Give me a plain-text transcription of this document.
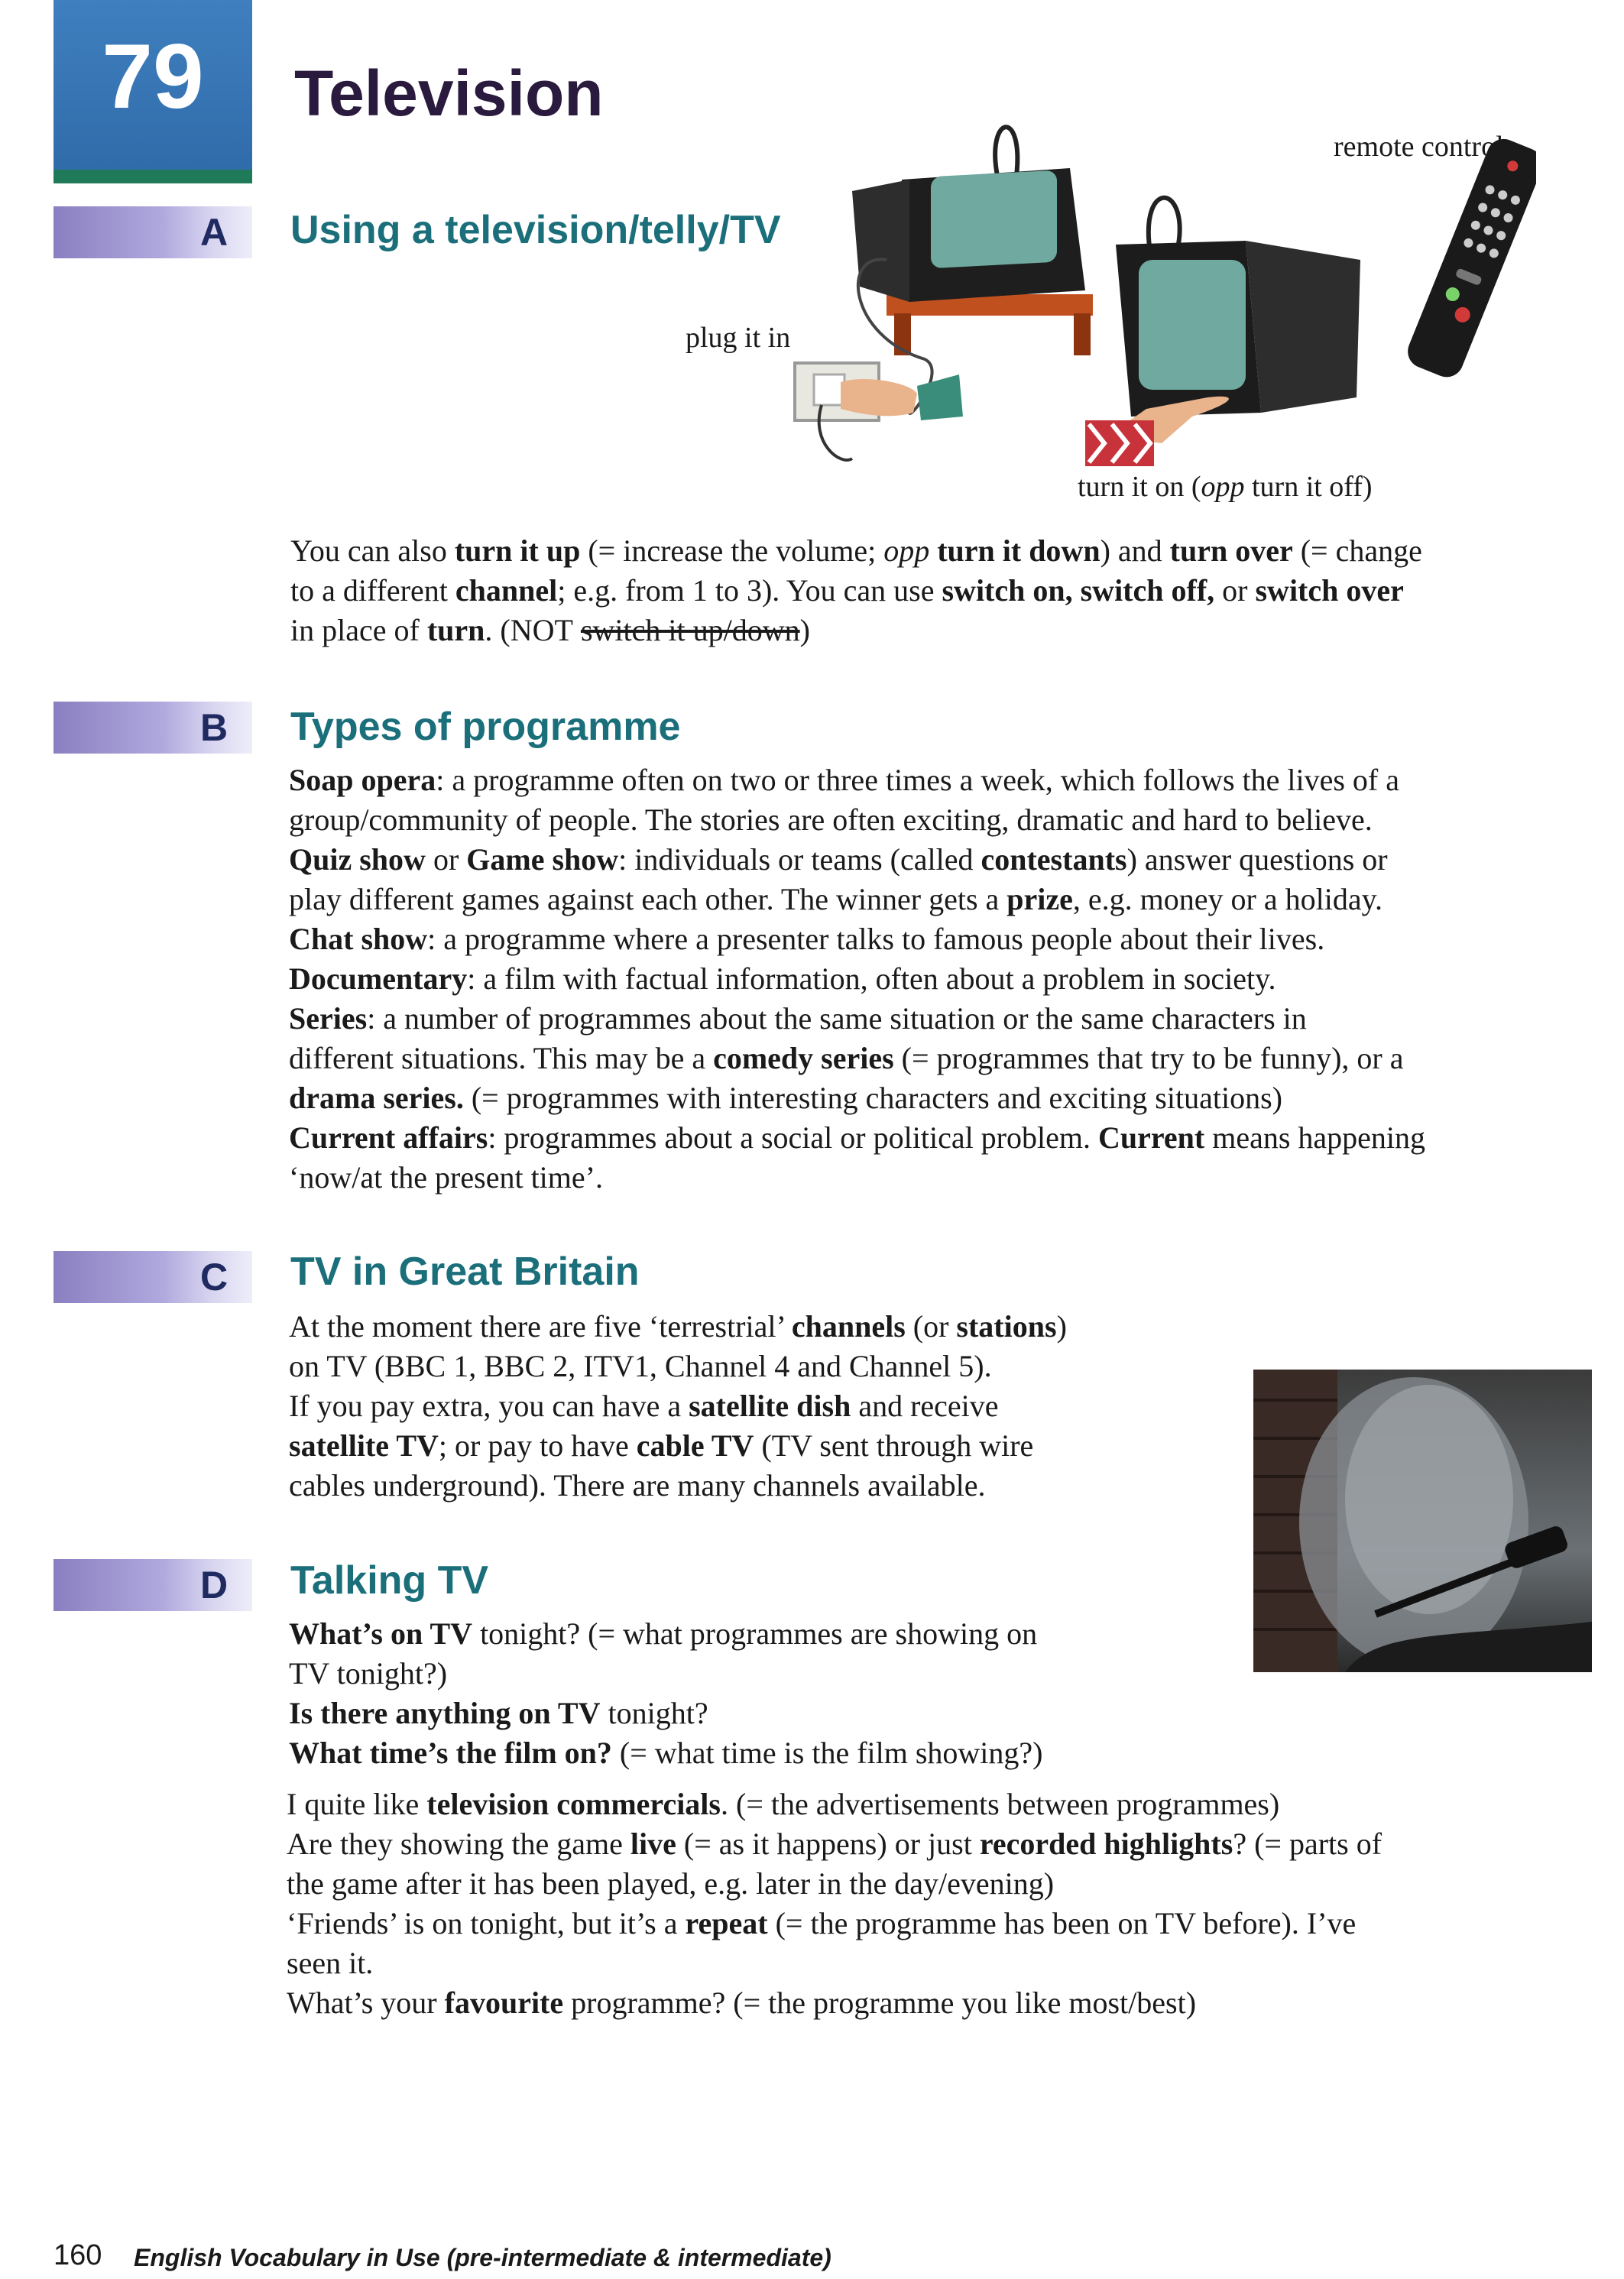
79	Television
A Using a television/telly/TV
remote control
plug it in
turn it on (opp turn it off)
You can also turn it up (= increase the volume; opp turn it down) and turn over (= change
to a different channel; e.g. from 1 to 3). You can use switch on, switch off, or switch over
in place of turn. (NOT switch it up/down)
B Types of programme
Soap opera: a programme often on two or three times a week, which follows the lives of a
group/community of people. The stories are often exciting, dramatic and hard to believe.
Quiz show or Game show: individuals or teams (called contestants) answer questions or
play different games against each other. The winner gets a prize, e.g. money or a holiday.
Chat show: a programme where a presenter talks to famous people about their lives.
Documentary: a film with factual information, often about a problem in society.
Series: a number of programmes about the same situation or the same characters in
different situations. This may be a comedy series (= programmes that try to be funny), or a
drama series. (= programmes with interesting characters and exciting situations)
Current affairs: programmes about a social or political problem. Current means happening
‘now/at the present time’.
C TV in Great Britain
At the moment there are five ‘terrestrial’ channels (or stations)
on TV (BBC 1, BBC 2, ITV1, Channel 4 and Channel 5).
If you pay extra, you can have a satellite dish and receive
satellite TV; or pay to have cable TV (TV sent through wire
cables underground). There are many channels available.
D Talking TV
What’s on TV tonight? (= what programmes are showing on
TV tonight?)
Is there anything on TV tonight?
What time’s the film on? (= what time is the film showing?)
I quite like television commercials. (= the advertisements between programmes)
Are they showing the game live (= as it happens) or just recorded highlights? (= parts of
the game after it has been played, e.g. later in the day/evening)
‘Friends’ is on tonight, but it’s a repeat (= the programme has been on TV before). I’ve
seen it.
What’s your favourite programme? (= the programme you like most/best)
160 English Vocabulary in Use (pre-intermediate & intermediate)
